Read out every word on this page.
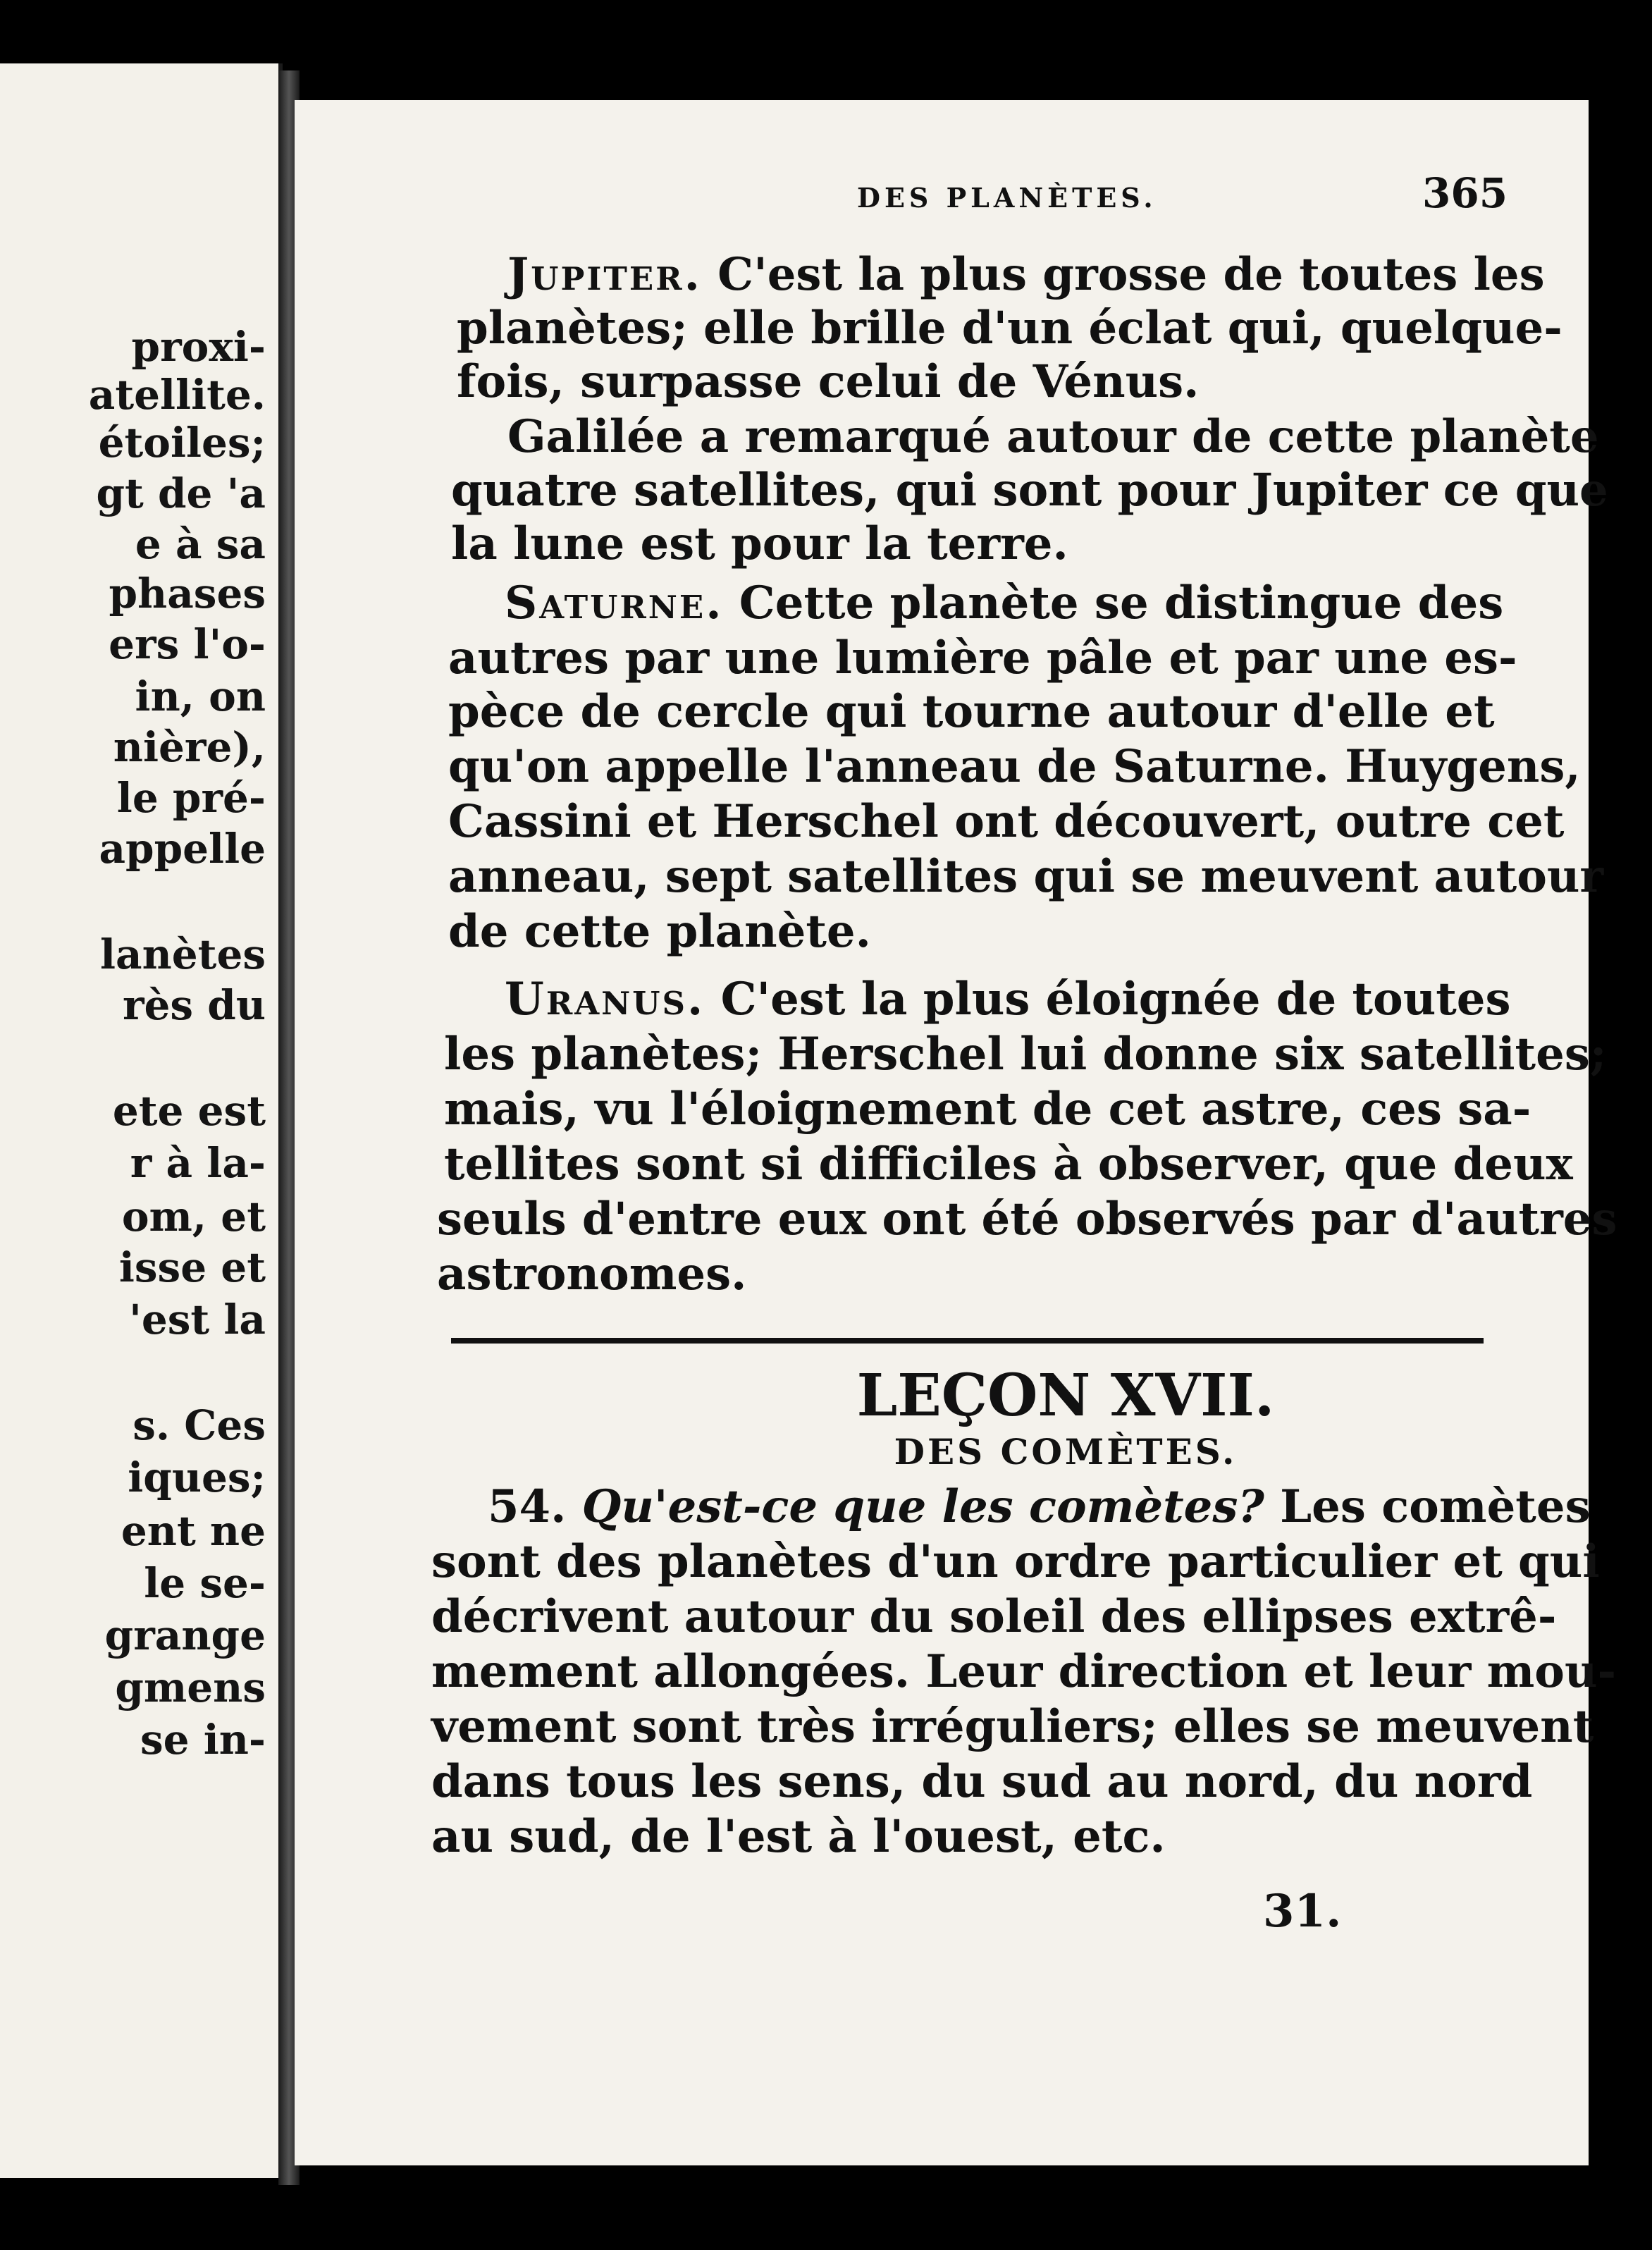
proxi-
atellite.
étoiles;
gt de 'a
e à sa
phases
ers l'o-
in, on
nière),
le pré-
appelle
lanètes
rès du
ete est
r à la-
om, et
isse et
'est la
s. Ces
iques;
ent ne
le se-
grange
gmens
se in-
DES PLANÈTES.	365
Jupiter. C'est la plus grosse de toutes les
planètes; elle brille d'un éclat qui, quelque-
fois, surpasse celui de Vénus.
Galilée a remarqué autour de cette planète
quatre satellites, qui sont pour Jupiter ce que
la lune est pour la terre.
Saturne. Cette planète se distingue des
autres par une lumière pâle et par une es-
pèce de cercle qui tourne autour d'elle et
qu'on appelle l'anneau de Saturne. Huygens,
Cassini et Herschel ont découvert, outre cet
anneau, sept satellites qui se meuvent autour
de cette planète.
Uranus. C'est la plus éloignée de toutes
les planètes; Herschel lui donne six satellites;
mais, vu l'éloignement de cet astre, ces sa-
tellites sont si difficiles à observer, que deux
seuls d'entre eux ont été observés par d'autres
astronomes.
LEÇON XVII.
DES COMÈTES.
54. Qu'est-ce que les comètes? Les comètes
sont des planètes d'un ordre particulier et qui
décrivent autour du soleil des ellipses extrê-
mement allongées. Leur direction et leur mou-
vement sont très irréguliers; elles se meuvent
dans tous les sens, du sud au nord, du nord
au sud, de l'est à l'ouest, etc.
31.
